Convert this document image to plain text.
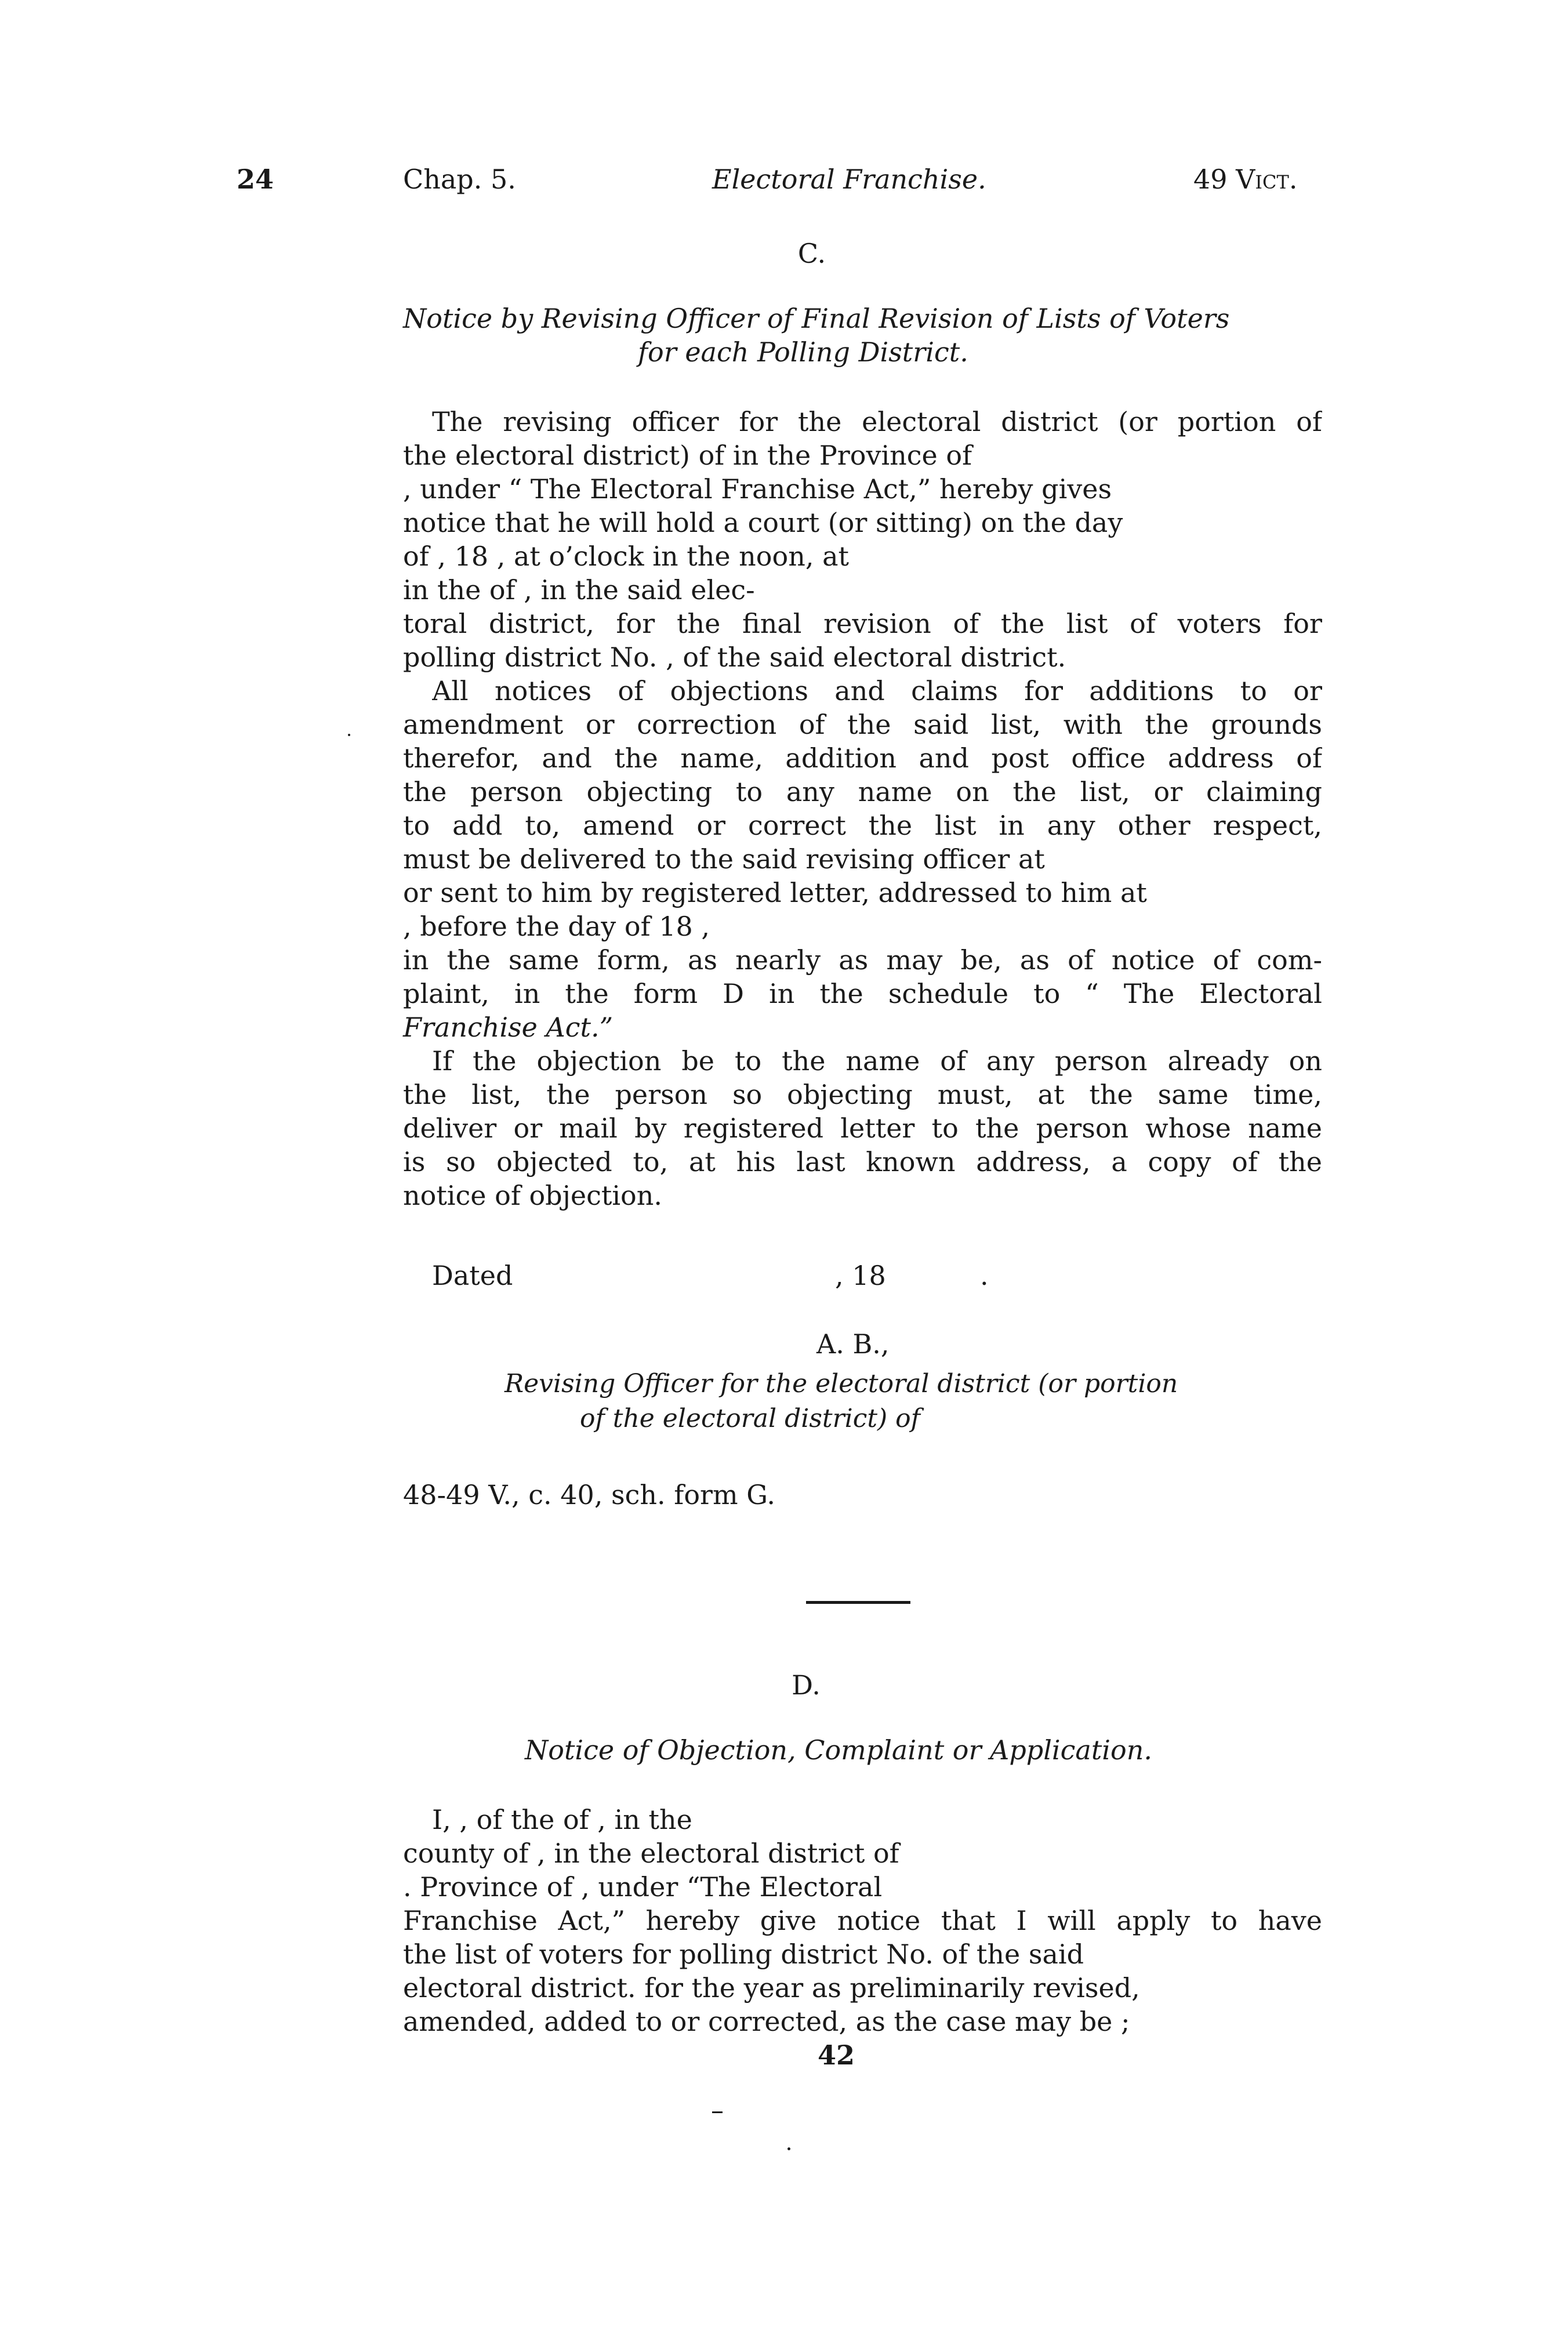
24	Chap. 5.	Electoral Franchise.	49 Vict.
C.
Notice by Revising Officer of Final Revision of Lists of Voters
for each Polling District.
The revising officer for the electoral district (or portion of
the electoral district) of in the Province of
, under “ The Electoral Franchise Act,” hereby gives
notice that he will hold a court (or sitting) on the day
of , 18 , at o’clock in the noon, at
in the of , in the said elec-
toral district, for the final revision of the list of voters for
polling district No. , of the said electoral district.
All notices of objections and claims for additions to or
amendment or correction of the said list, with the grounds
therefor, and the name, addition and post office address of
the person objecting to any name on the list, or claiming
to add to, amend or correct the list in any other respect,
must be delivered to the said revising officer at
or sent to him by registered letter, addressed to him at
, before the day of 18 ,
in the same form, as nearly as may be, as of notice of com-
plaint, in the form D in the schedule to “ The Electoral
Franchise Act.”
If the objection be to the name of any person already on
the list, the person so objecting must, at the same time,
deliver or mail by registered letter to the person whose name
is so objected to, at his last known address, a copy of the
notice of objection.
Dated	, 18	.
A. B.,
Revising Officer for the electoral district (or portion
of the electoral district) of
48-49 V., c. 40, sch. form G.
D.
Notice of Objection, Complaint or Application.
I, , of the of , in the
county of , in the electoral district of
. Province of , under “The Electoral
Franchise Act,” hereby give notice that I will apply to have
the list of voters for polling district No. of the said
electoral district. for the year as preliminarily revised,
amended, added to or corrected, as the case may be ;
42
